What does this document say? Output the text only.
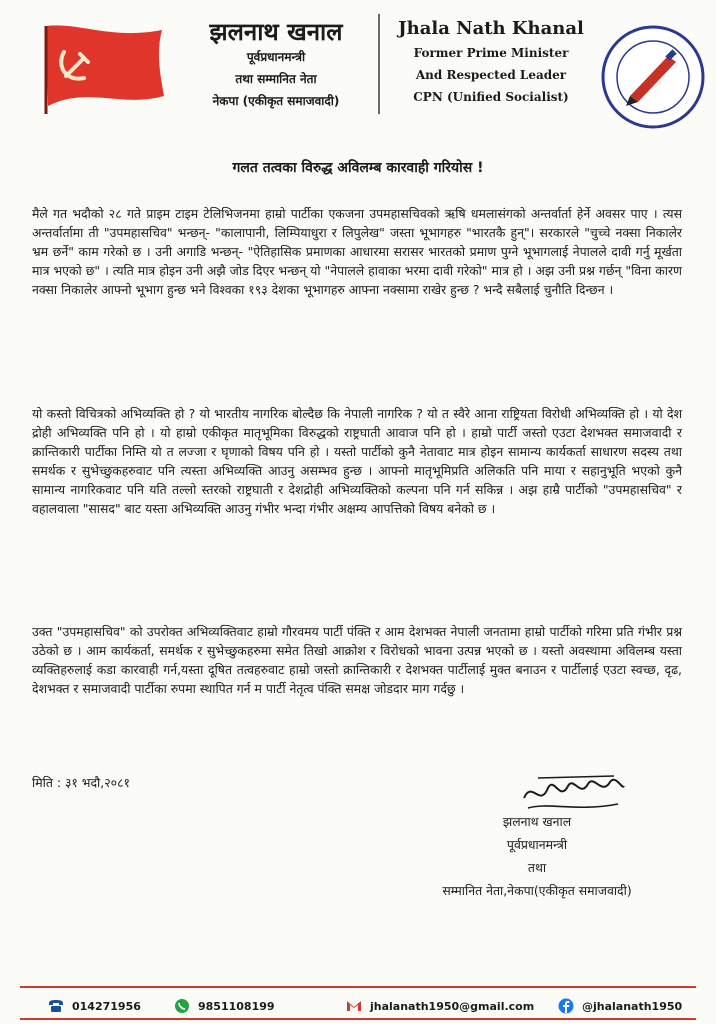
झलनाथ खनाल
पूर्वप्रधानमन्त्री
तथा सम्मानित नेता
नेकपा (एकीकृत समाजवादी)
Jhala Nath Khanal
Former Prime Minister
And Respected Leader
CPN (Unified Socialist)
गलत तत्वका विरुद्ध अविलम्ब कारवाही गरियोस !
मैले गत भदौको २८ गते प्राइम टाइम टेलिभिजनमा हाम्रो पार्टीका एकजना उपमहासचिवको ऋषि धमलासंगको अन्तर्वार्ता हेर्ने अवसर पाए । त्यस अन्तर्वार्तामा ती "उपमहासचिव" भन्छन्- "कालापानी, लिम्पियाधुरा र लिपुलेख" जस्ता भूभागहरु "भारतकै हुन्"। सरकारले "चुच्चे नक्सा निकालेर भ्रम छर्ने" काम गरेको छ । उनी अगाडि भन्छन्- "ऐतिहासिक प्रमाणका आधारमा सरासर भारतको प्रमाण पुग्ने भूभागलाई नेपालले दावी गर्नु मूर्खता मात्र भएको छ" । त्यति मात्र होइन उनी अझै जोड दिएर भन्छन् यो "नेपालले हावाका भरमा दावी गरेको" मात्र हो । अझ उनी प्रश्न गर्छन् "विना कारण नक्सा निकालेर आफ्नो भूभाग हुन्छ भने विश्वका १९३ देशका भूभागहरु आफ्ना नक्सामा राखेर हुन्छ ? भन्दै सबैलाई चुनौति दिन्छन ।
यो कस्तो विचित्रको अभिव्यक्ति हो ? यो भारतीय नागरिक बोल्दैछ कि नेपाली नागरिक ? यो त स्वैरे आना राष्ट्रियता विरोधी अभिव्यक्ति हो । यो देश द्रोही अभिव्यक्ति पनि हो । यो हाम्रो एकीकृत मातृभूमिका विरुद्धको राष्ट्रघाती आवाज पनि हो । हाम्रो पार्टी जस्तो एउटा देशभक्त समाजवादी र क्रान्तिकारी पार्टीका निम्ति यो त लज्जा र घृणाको विषय पनि हो । यस्तो पार्टीको कुनै नेतावाट मात्र होइन सामान्य कार्यकर्ता साधारण सदस्य तथा समर्थक र सुभेच्छुकहरुवाट पनि त्यस्ता अभिव्यक्ति आउनु असम्भव हुन्छ । आफ्नो मातृभूमिप्रति अलिकति पनि माया र सहानुभूति भएको कुनै सामान्य नागरिकवाट पनि यति तल्लो स्तरको राष्ट्रघाती र देशद्रोही अभिव्यक्तिको कल्पना पनि गर्न सकिन्न । अझ हाम्रै पार्टीको "उपमहासचिव" र वहालवाला "सासद" बाट यस्ता अभिव्यक्ति आउनु गंभीर भन्दा गंभीर अक्षम्य आपत्तिको विषय बनेको छ ।
उक्त "उपमहासचिव" को उपरोक्त अभिव्यक्तिवाट हाम्रो गौरवमय पार्टी पंक्ति र आम देशभक्त नेपाली जनतामा हाम्रो पार्टीको गरिमा प्रति गंभीर प्रश्न उठेको छ । आम कार्यकर्ता, समर्थक र सुभेच्छुकहरुमा समेत तिखो आक्रोश र विरोधको भावना उत्पन्न भएको छ । यस्तो अवस्थामा अविलम्ब यस्ता व्यक्तिहरुलाई कडा कारवाही गर्न,यस्ता दूषित तत्वहरुवाट हाम्रो जस्तो क्रान्तिकारी र देशभक्त पार्टीलाई मुक्त बनाउन र पार्टीलाई एउटा स्वच्छ, दृढ, देशभक्त र समाजवादी पार्टीका रुपमा स्थापित गर्न म पार्टी नेतृत्व पंक्ति समक्ष जोडदार माग गर्दछु ।
मिति : ३१ भदौ,२०८१
झलनाथ खनाल
पूर्वप्रधानमन्त्री
तथा
सम्मानित नेता,नेकपा(एकीकृत समाजवादी)
014271956	9851108199	jhalanath1950@gmail.com	@jhalanath1950
